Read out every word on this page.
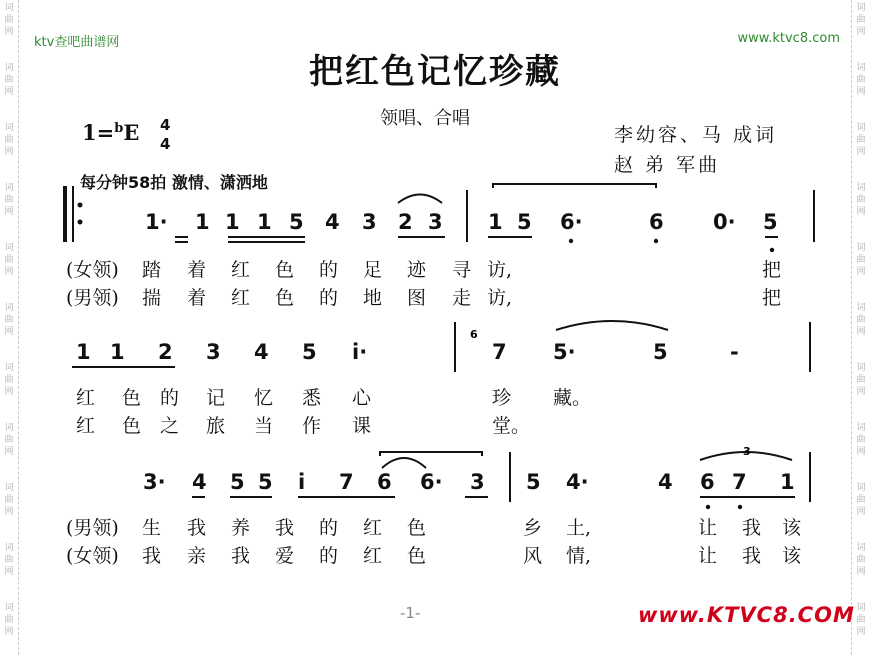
词
曲
网
词
曲
网
词
曲
网
词
曲
网
词
曲
网
词
曲
网
词
曲
网
词
曲
网
词
曲
网
词
曲
网
词
曲
网
词
曲
网
词
曲
网
词
曲
网
词
曲
网
词
曲
网
词
曲
网
词
曲
网
词
曲
网
词
曲
网
词
曲
网
词
曲
网
ktv查吧曲谱网	www.ktvc8.com
把红色记忆珍藏
领唱、合唱
李幼容、马 成词
赵 弟 军曲
1=$^b$E 4
4
每分钟58拍 激情、潇洒地
1· 1 1 1 5 4 3 2 3 1 5 6·	6 0· 5
(女领) 踏 着 红 色 的 足 迹 寻 访,	把
(男领) 揣 着 红 色 的 地 图 走 访,	把
1 1 2 3 4 5 i·	7 5·	5	-
红 色 的 记 忆 悉 心	珍 藏。
红 色 之 旅 当 作 课	堂。
3· 4 5 5 i 7 6 6· 3 5 4·	4 6 7 1
(男领) 生 我 养 我 的 红 色	乡 土,	让 我 该
(女领) 我 亲 我 爱 的 红 色	风 情,	让 我 该
6
3
-1-	www.KTVC8.COM
